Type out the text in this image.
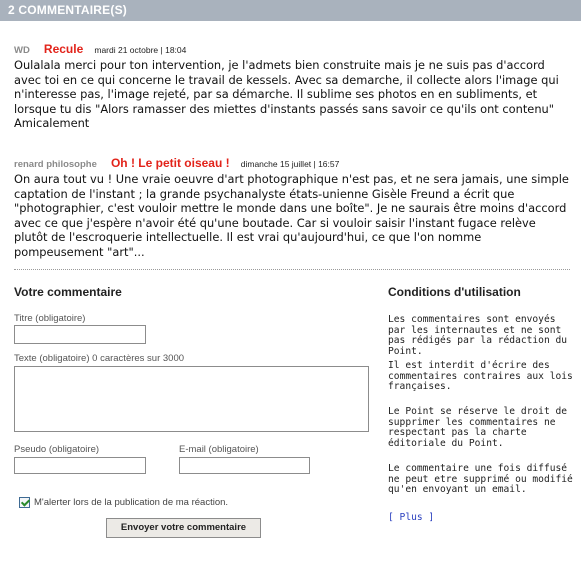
2 COMMENTAIRE(S)
WD Recule mardi 21 octobre | 18:04
Oulalala merci pour ton intervention, je l'admets bien construite mais je ne suis pas d'accord avec toi en ce qui concerne le travail de kessels. Avec sa demarche, il collecte alors l'image qui n'interesse pas, l'image rejeté, par sa démarche. Il sublime ses photos en en subliments, et lorsque tu dis "Alors ramasser des miettes d'instants passés sans savoir ce qu'ils ont contenu" Amicalement
renard philosophe Oh ! Le petit oiseau ! dimanche 15 juillet | 16:57
On aura tout vu ! Une vraie oeuvre d'art photographique n'est pas, et ne sera jamais, une simple captation de l'instant ; la grande psychanalyste états-unienne Gisèle Freund a écrit que "photographier, c'est vouloir mettre le monde dans une boîte". Je ne saurais être moins d'accord avec ce que j'espère n'avoir été qu'une boutade. Car si vouloir saisir l'instant fugace relève plutôt de l'escroquerie intellectuelle. Il est vrai qu'aujourd'hui, ce que l'on nomme pompeusement "art"...
Votre commentaire
Titre (obligatoire)
Texte (obligatoire) 0 caractères sur 3000
Pseudo (obligatoire)	E-mail (obligatoire)
M'alerter lors de la publication de ma réaction.
Envoyer votre commentaire
Conditions d'utilisation
Les commentaires sont envoyés par les internautes et ne sont pas rédigés par la rédaction du Point.
Il est interdit d'écrire des commentaires contraires aux lois françaises.
Le Point se réserve le droit de supprimer les commentaires ne respectant pas la charte éditoriale du Point.
Le commentaire une fois diffusé ne peut etre supprimé ou modifié qu'en envoyant un email.
[ Plus ]
